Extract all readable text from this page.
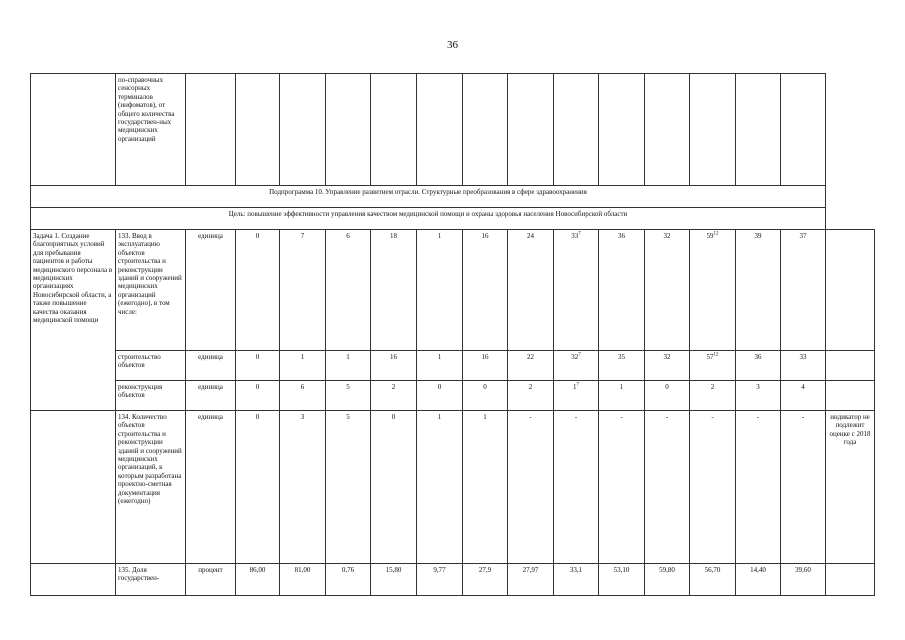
36
	по-справочных сенсорных терминалов (инфоматов), от общего количества государствен-ных медицинских организаций															
Подпрограмма 10. Управление развитием отрасли. Структурные преобразования в сфере здравоохранения																
Цель: повышение эффективности управления качеством медицинской помощи и охраны здоровья населения Новосибирской области																
Задача 1. Создание благоприятных условий для пребывания пациентов и работы медицинского персонала в медицинских организациях Новосибирской области, а также повышение качества оказания медицинской помощи	133. Ввод в эксплуатацию объектов строительства и реконструкции зданий и сооружений медицинских организаций (ежегодно), в том числе:	единица	0	7	6	18	1	16	24	$33^7$	36	32	$59^{12}$	39	37	
	строительство объектов	единица	0	1	1	16	1	16	22	$32^7$	35	32	$57^{12}$	36	33	
	реконструкция объектов	единица	0	6	5	2	0	0	2	$1^7$	1	0	2	3	4	
	134. Количество объектов строительства и реконструкции зданий и сооружений медицинских организаций, к которым разработана проектно-сметная документация (ежегодно)	единица	0	3	5	0	1	1	-	-	-	-	-	-	-	индикатор не подлежит оценке с 2018 года
	135. Доля государствен-	процент	86,00	81,00	0,76	15,80	9,77	27,9	27,97	33,1	53,10	59,80	56,70	14,40	39,60	
